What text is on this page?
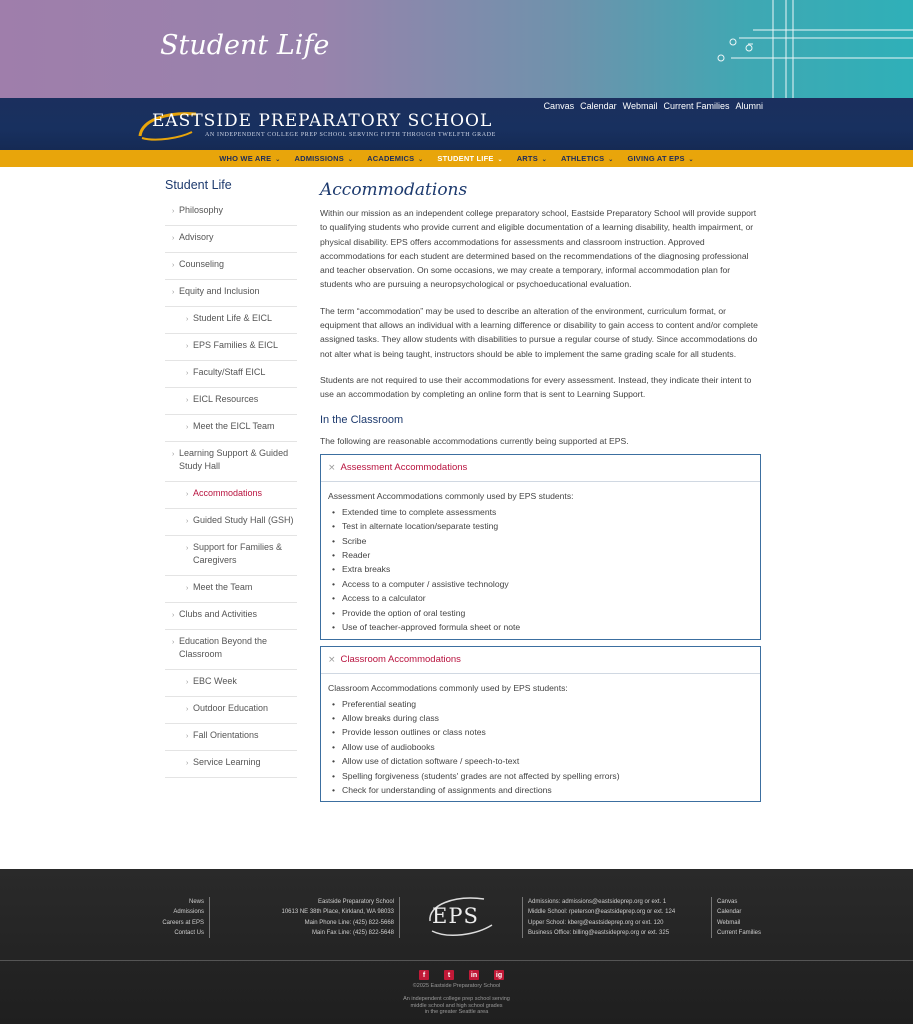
Student Life
EASTSIDE PREPARATORY SCHOOL
AN INDEPENDENT COLLEGE PREP SCHOOL SERVING FIFTH THROUGH TWELFTH GRADE
Canvas Calendar Webmail Current Families Alumni
WHO WE ARE ⌄	ADMISSIONS ⌄	ACADEMICS ⌄	STUDENT LIFE ⌄	ARTS ⌄	ATHLETICS ⌄	GIVING AT EPS ⌄
Student Life
› Philosophy
› Advisory
› Counseling
› Equity and Inclusion
› Student Life & EICL
› EPS Families & EICL
› Faculty/Staff EICL
› EICL Resources
› Meet the EICL Team
› Learning Support & Guided Study Hall
› Accommodations
› Guided Study Hall (GSH)
› Support for Families & Caregivers
› Meet the Team
› Clubs and Activities
› Education Beyond the Classroom
› EBC Week
› Outdoor Education
› Fall Orientations
› Service Learning
Accommodations

Within our mission as an independent college preparatory school, Eastside Preparatory School will provide support to qualifying students who provide current and eligible documentation of a learning disability, health impairment, or physical disability. EPS offers accommodations for assessments and classroom instruction. Approved accommodations for each student are determined based on the recommendations of the diagnosing professional and teacher observation. On some occasions, we may create a temporary, informal accommodation plan for students who are pursuing a neuropsychological or psychoeducational evaluation.

The term “accommodation” may be used to describe an alteration of the environment, curriculum format, or equipment that allows an individual with a learning difference or disability to gain access to content and/or complete assigned tasks. They allow students with disabilities to pursue a regular course of study. Since accommodations do not alter what is being taught, instructors should be able to implement the same grading scale for all students.

Students are not required to use their accommodations for every assessment. Instead, they indicate their intent to use an accommodation by completing an online form that is sent to Learning Support.

In the Classroom

The following are reasonable accommodations currently being supported at EPS.

× Assessment Accommodations
Assessment Accommodations commonly used by EPS students:
• Extended time to complete assessments
• Test in alternate location/separate testing
• Scribe
• Reader
• Extra breaks
• Access to a computer / assistive technology
• Access to a calculator
• Provide the option of oral testing
• Use of teacher-approved formula sheet or note
× Classroom Accommodations
Classroom Accommodations commonly used by EPS students:
• Preferential seating
• Allow breaks during class
• Provide lesson outlines or class notes
• Allow use of audiobooks
• Allow use of dictation software / speech-to-text
• Spelling forgiveness (students' grades are not affected by spelling errors)
• Check for understanding of assignments and directions
News
Admissions
Careers at EPS
Contact Us
Eastside Preparatory School
10613 NE 38th Place, Kirkland, WA 98033
Main Phone Line: (425) 822-5668
Main Fax Line: (425) 822-5648
EPS
Admissions: admissions@eastsideprep.org or ext. 1
Middle School: rpeterson@eastsideprep.org or ext. 124
Upper School: kberg@eastsideprep.org or ext. 120
Business Office: billing@eastsideprep.org or ext. 325
Canvas
Calendar
Webmail
Current Families
f	t	in	ig
©2025 Eastside Preparatory School
An independent college prep school serving
middle school and high school grades
in the greater Seattle area
